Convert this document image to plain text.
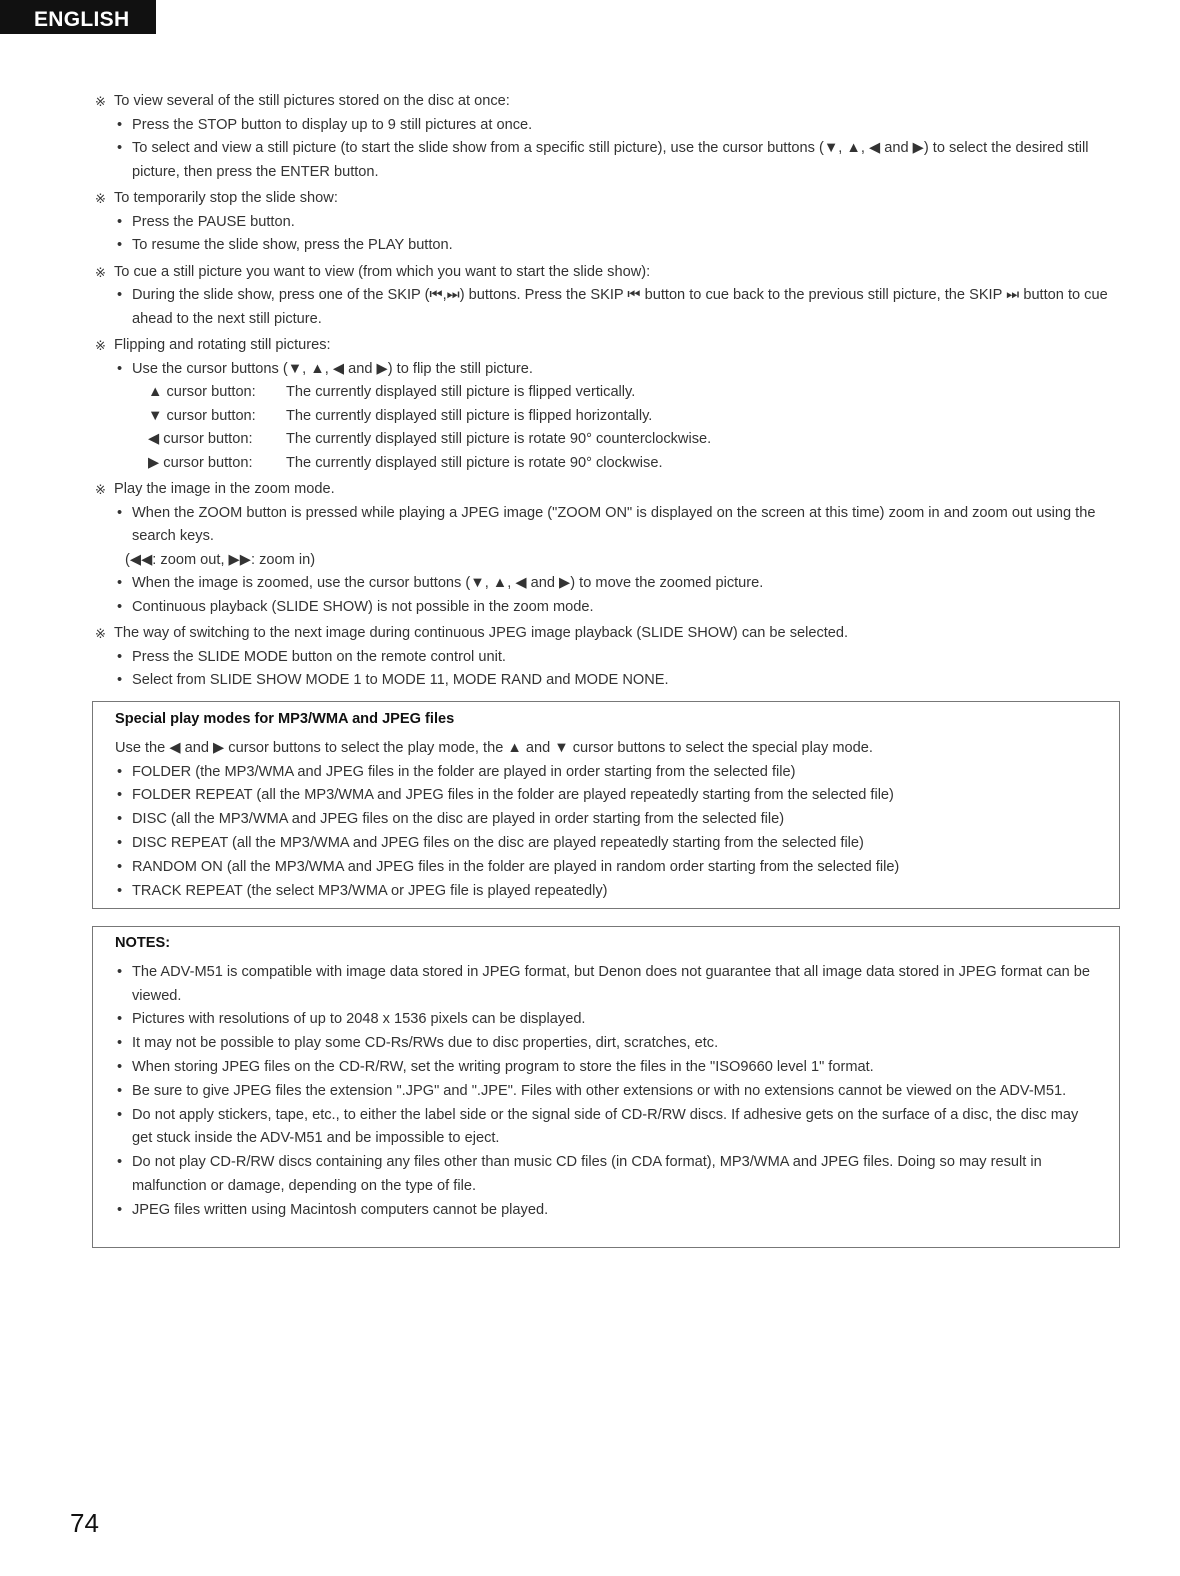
ENGLISH
※ To view several of the still pictures stored on the disc at once:
• Press the STOP button to display up to 9 still pictures at once.
• To select and view a still picture (to start the slide show from a specific still picture), use the cursor buttons (▼, ▲, ◀ and ▶) to select the desired still picture, then press the ENTER button.
※ To temporarily stop the slide show:
• Press the PAUSE button.
• To resume the slide show, press the PLAY button.
※ To cue a still picture you want to view (from which you want to start the slide show):
• During the slide show, press one of the SKIP (⏮,⏭) buttons. Press the SKIP ⏮ button to cue back to the previous still picture, the SKIP ⏭ button to cue ahead to the next still picture.
※ Flipping and rotating still pictures:
• Use the cursor buttons (▼, ▲, ◀ and ▶) to flip the still picture.
▲ cursor button:	The currently displayed still picture is flipped vertically.
▼ cursor button:	The currently displayed still picture is flipped horizontally.
◀ cursor button:	The currently displayed still picture is rotate 90° counterclockwise.
▶ cursor button:	The currently displayed still picture is rotate 90° clockwise.
※ Play the image in the zoom mode.
• When the ZOOM button is pressed while playing a JPEG image ("ZOOM ON" is displayed on the screen at this time) zoom in and zoom out using the search keys.
(◀◀: zoom out, ▶▶: zoom in)
• When the image is zoomed, use the cursor buttons (▼, ▲, ◀ and ▶) to move the zoomed picture.
• Continuous playback (SLIDE SHOW) is not possible in the zoom mode.
※ The way of switching to the next image during continuous JPEG image playback (SLIDE SHOW) can be selected.
• Press the SLIDE MODE button on the remote control unit.
• Select from SLIDE SHOW MODE 1 to MODE 11, MODE RAND and MODE NONE.
Special play modes for MP3/WMA and JPEG files
Use the ◀ and ▶ cursor buttons to select the play mode, the ▲ and ▼ cursor buttons to select the special play mode.
• FOLDER (the MP3/WMA and JPEG files in the folder are played in order starting from the selected file)
• FOLDER REPEAT (all the MP3/WMA and JPEG files in the folder are played repeatedly starting from the selected file)
• DISC (all the MP3/WMA and JPEG files on the disc are played in order starting from the selected file)
• DISC REPEAT (all the MP3/WMA and JPEG files on the disc are played repeatedly starting from the selected file)
• RANDOM ON (all the MP3/WMA and JPEG files in the folder are played in random order starting from the selected file)
• TRACK REPEAT (the select MP3/WMA or JPEG file is played repeatedly)
NOTES:
• The ADV-M51 is compatible with image data stored in JPEG format, but Denon does not guarantee that all image data stored in JPEG format can be viewed.
• Pictures with resolutions of up to 2048 x 1536 pixels can be displayed.
• It may not be possible to play some CD-Rs/RWs due to disc properties, dirt, scratches, etc.
• When storing JPEG files on the CD-R/RW, set the writing program to store the files in the "ISO9660 level 1" format.
• Be sure to give JPEG files the extension ".JPG" and ".JPE". Files with other extensions or with no extensions cannot be viewed on the ADV-M51.
• Do not apply stickers, tape, etc., to either the label side or the signal side of CD-R/RW discs. If adhesive gets on the surface of a disc, the disc may get stuck inside the ADV-M51 and be impossible to eject.
• Do not play CD-R/RW discs containing any files other than music CD files (in CDA format), MP3/WMA and JPEG files. Doing so may result in malfunction or damage, depending on the type of file.
• JPEG files written using Macintosh computers cannot be played.
74
